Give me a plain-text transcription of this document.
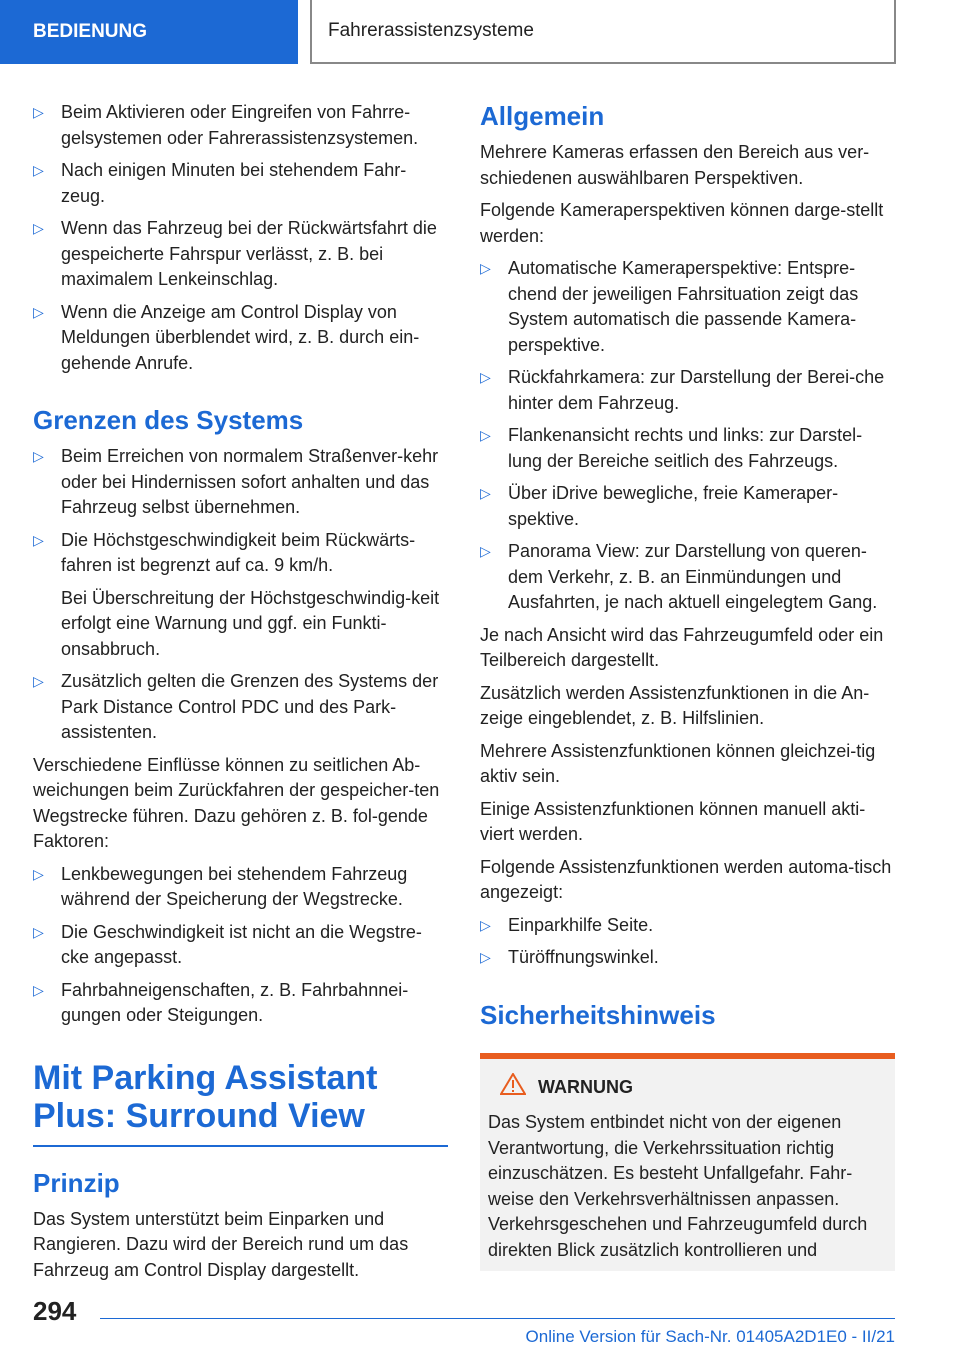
BEDIENUNG	Fahrerassistenzsysteme
▷ Beim Aktivieren oder Eingreifen von Fahrre-gelsystemen oder Fahrerassistenzsystemen.
▷ Nach einigen Minuten bei stehendem Fahr-zeug.
▷ Wenn das Fahrzeug bei der Rückwärtsfahrt die gespeicherte Fahrspur verlässt, z. B. bei maximalem Lenkeinschlag.
▷ Wenn die Anzeige am Control Display von Meldungen überblendet wird, z. B. durch ein-gehende Anrufe.
Grenzen des Systems
▷ Beim Erreichen von normalem Straßenver-kehr oder bei Hindernissen sofort anhalten und das Fahrzeug selbst übernehmen.
▷ Die Höchstgeschwindigkeit beim Rückwärts-fahren ist begrenzt auf ca. 9 km/h.
Bei Überschreitung der Höchstgeschwindig-keit erfolgt eine Warnung und ggf. ein Funkti-onsabbruch.
▷ Zusätzlich gelten die Grenzen des Systems der Park Distance Control PDC und des Park-assistenten.

Verschiedene Einflüsse können zu seitlichen Ab-weichungen beim Zurückfahren der gespeicher-ten Wegstrecke führen. Dazu gehören z. B. fol-gende Faktoren:

▷ Lenkbewegungen bei stehendem Fahrzeug während der Speicherung der Wegstrecke.
▷ Die Geschwindigkeit ist nicht an die Wegstre-cke angepasst.
▷ Fahrbahneigenschaften, z. B. Fahrbahnnei-gungen oder Steigungen.
Mit Parking Assistant Plus: Surround View
Prinzip

Das System unterstützt beim Einparken und Rangieren. Dazu wird der Bereich rund um das Fahrzeug am Control Display dargestellt.

Allgemein

Mehrere Kameras erfassen den Bereich aus ver-schiedenen auswählbaren Perspektiven.

Folgende Kameraperspektiven können darge-stellt werden:

▷ Automatische Kameraperspektive: Entspre-chend der jeweiligen Fahrsituation zeigt das System automatisch die passende Kamera-perspektive.
▷ Rückfahrkamera: zur Darstellung der Berei-che hinter dem Fahrzeug.
▷ Flankenansicht rechts und links: zur Darstel-lung der Bereiche seitlich des Fahrzeugs.
▷ Über iDrive bewegliche, freie Kameraper-spektive.
▷ Panorama View: zur Darstellung von queren-dem Verkehr, z. B. an Einmündungen und Ausfahrten, je nach aktuell eingelegtem Gang.

Je nach Ansicht wird das Fahrzeugumfeld oder ein Teilbereich dargestellt.

Zusätzlich werden Assistenzfunktionen in die An-zeige eingeblendet, z. B. Hilfslinien.

Mehrere Assistenzfunktionen können gleichzei-tig aktiv sein.

Einige Assistenzfunktionen können manuell akti-viert werden.

Folgende Assistenzfunktionen werden automa-tisch angezeigt:

▷ Einparkhilfe Seite.
▷ Türöffnungswinkel.
Sicherheitshinweis
WARNUNG
Das System entbindet nicht von der eigenen Verantwortung, die Verkehrssituation richtig einzuschätzen. Es besteht Unfallgefahr. Fahr-weise den Verkehrsverhältnissen anpassen. Verkehrsgeschehen und Fahrzeugumfeld durch direkten Blick zusätzlich kontrollieren und
294
Online Version für Sach-Nr. 01405A2D1E0 - II/21
